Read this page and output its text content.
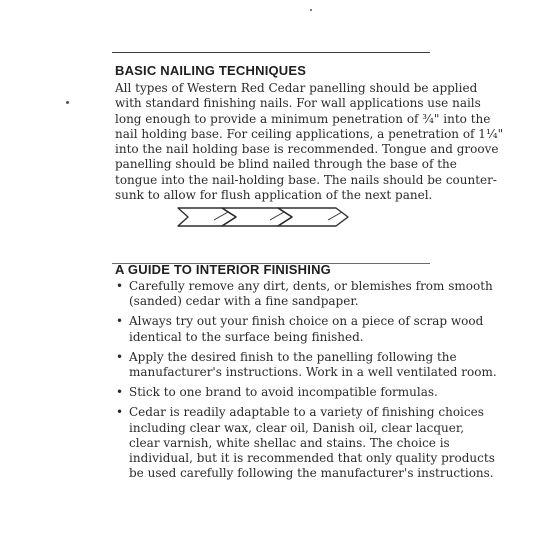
BASIC NAILING TECHNIQUES
All types of Western Red Cedar panelling should be applied
with standard finishing nails. For wall applications use nails
long enough to provide a minimum penetration of ¾" into the
nail holding base. For ceiling applications, a penetration of 1¼"
into the nail holding base is recommended. Tongue and groove
panelling should be blind nailed through the base of the
tongue into the nail-holding base. The nails should be counter-
sunk to allow for flush application of the next panel.
A GUIDE TO INTERIOR FINISHING
• Carefully remove any dirt, dents, or blemishes from smooth
(sanded) cedar with a fine sandpaper.
• Always try out your finish choice on a piece of scrap wood
identical to the surface being finished.
• Apply the desired finish to the panelling following the
manufacturer's instructions. Work in a well ventilated room.
• Stick to one brand to avoid incompatible formulas.
• Cedar is readily adaptable to a variety of finishing choices
including clear wax, clear oil, Danish oil, clear lacquer,
clear varnish, white shellac and stains. The choice is
individual, but it is recommended that only quality products
be used carefully following the manufacturer's instructions.
